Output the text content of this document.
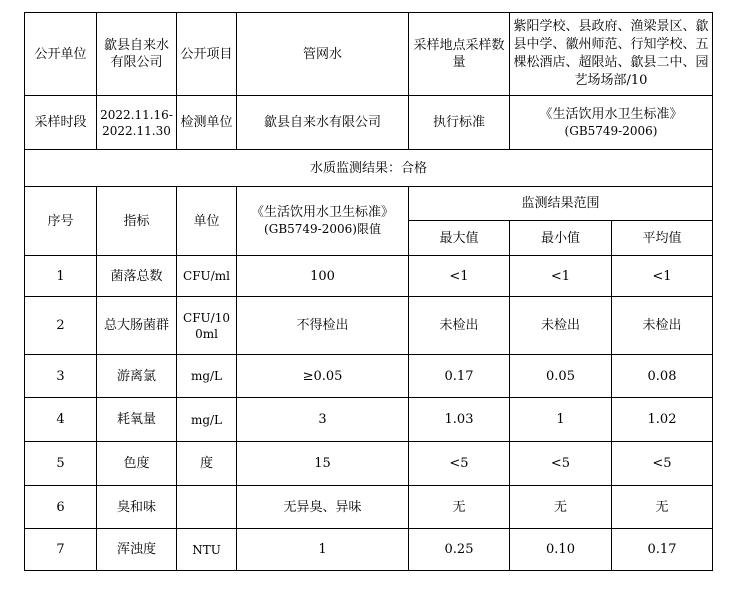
公开单位	歙县自来水有限公司	公开项目	管网水	采样地点采样数量	紫阳学校、县政府、渔梁景区、歙县中学、徽州师范、行知学校、五棵松酒店、超限站、歙县二中、园艺场场部/10	
采样时段	2022.11.16-2022.11.30	检测单位	歙县自来水有限公司	执行标准	《生活饮用水卫生标准》
(GB5749-2006)	

水质监测结果：合格						
序号	指标	单位	《生活饮用水卫生标准》
(GB5749-2006)限值	监测结果范围		
				最大值	最小值	平均值
1	菌落总数	CFU/ml	100	<1	<1	<1
2	总大肠菌群	CFU/100ml	不得检出	未检出	未检出	未检出
3	游离氯	mg/L	≥0.05	0.17	0.05	0.08
4	耗氧量	mg/L	3	1.03	1	1.02
5	色度	度	15	<5	<5	<5
6	臭和味		无异臭、异味	无	无	无
7	浑浊度	NTU	1	0.25	0.10	0.17
